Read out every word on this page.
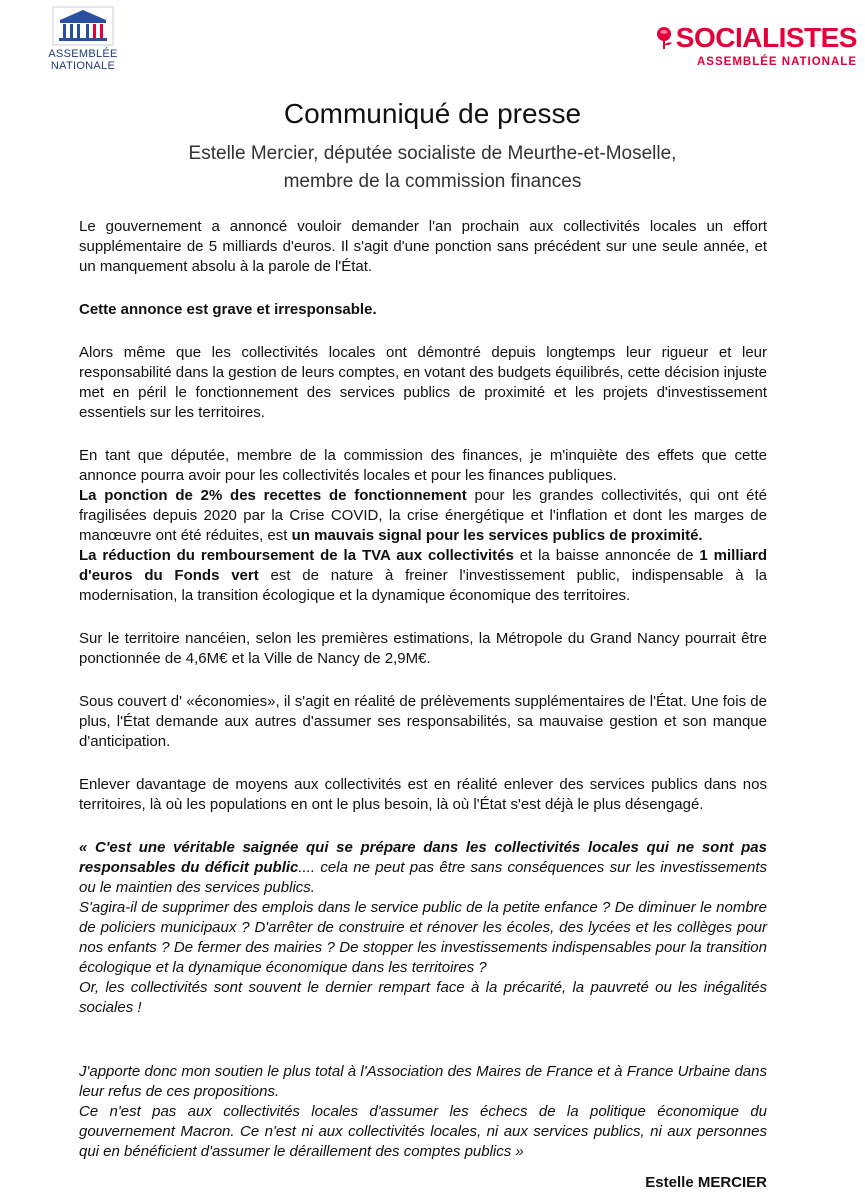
ASSEMBLÉE
NATIONALE
SOCIALISTES
ASSEMBLÉE NATIONALE
Communiqué de presse
Estelle Mercier, députée socialiste de Meurthe-et-Moselle,
membre de la commission finances

Le gouvernement a annoncé vouloir demander l'an prochain aux collectivités locales un effort supplémentaire de 5 milliards d'euros. Il s'agit d'une ponction sans précédent sur une seule année, et un manquement absolu à la parole de l'État.

Cette annonce est grave et irresponsable.

Alors même que les collectivités locales ont démontré depuis longtemps leur rigueur et leur responsabilité dans la gestion de leurs comptes, en votant des budgets équilibrés, cette décision injuste met en péril le fonctionnement des services publics de proximité et les projets d'investissement essentiels sur les territoires.

En tant que députée, membre de la commission des finances, je m'inquiète des effets que cette annonce pourra avoir pour les collectivités locales et pour les finances publiques.

La ponction de 2% des recettes de fonctionnement pour les grandes collectivités, qui ont été fragilisées depuis 2020 par la Crise COVID, la crise énergétique et l'inflation et dont les marges de manœuvre ont été réduites, est un mauvais signal pour les services publics de proximité.

La réduction du remboursement de la TVA aux collectivités et la baisse annoncée de 1 milliard d'euros du Fonds vert est de nature à freiner l'investissement public, indispensable à la modernisation, la transition écologique et la dynamique économique des territoires.

Sur le territoire nancéien, selon les premières estimations, la Métropole du Grand Nancy pourrait être ponctionnée de 4,6M€ et la Ville de Nancy de 2,9M€.

Sous couvert d' «économies», il s'agit en réalité de prélèvements supplémentaires de l'État. Une fois de plus, l'État demande aux autres d'assumer ses responsabilités, sa mauvaise gestion et son manque d'anticipation.

Enlever davantage de moyens aux collectivités est en réalité enlever des services publics dans nos territoires, là où les populations en ont le plus besoin, là où l'État s'est déjà le plus désengagé.

« C'est une véritable saignée qui se prépare dans les collectivités locales qui ne sont pas responsables du déficit public.... cela ne peut pas être sans conséquences sur les investissements ou le maintien des services publics.

S'agira-il de supprimer des emplois dans le service public de la petite enfance ? De diminuer le nombre de policiers municipaux ? D'arrêter de construire et rénover les écoles, des lycées et les collèges pour nos enfants ? De fermer des mairies ? De stopper les investissements indispensables pour la transition écologique et la dynamique économique dans les territoires ?

Or, les collectivités sont souvent le dernier rempart face à la précarité, la pauvreté ou les inégalités sociales !

J'apporte donc mon soutien le plus total à l'Association des Maires de France et à France Urbaine dans leur refus de ces propositions.

Ce n'est pas aux collectivités locales d'assumer les échecs de la politique économique du gouvernement Macron. Ce n'est ni aux collectivités locales, ni aux services publics, ni aux personnes qui en bénéficient d'assumer le déraillement des comptes publics »

Estelle MERCIER
